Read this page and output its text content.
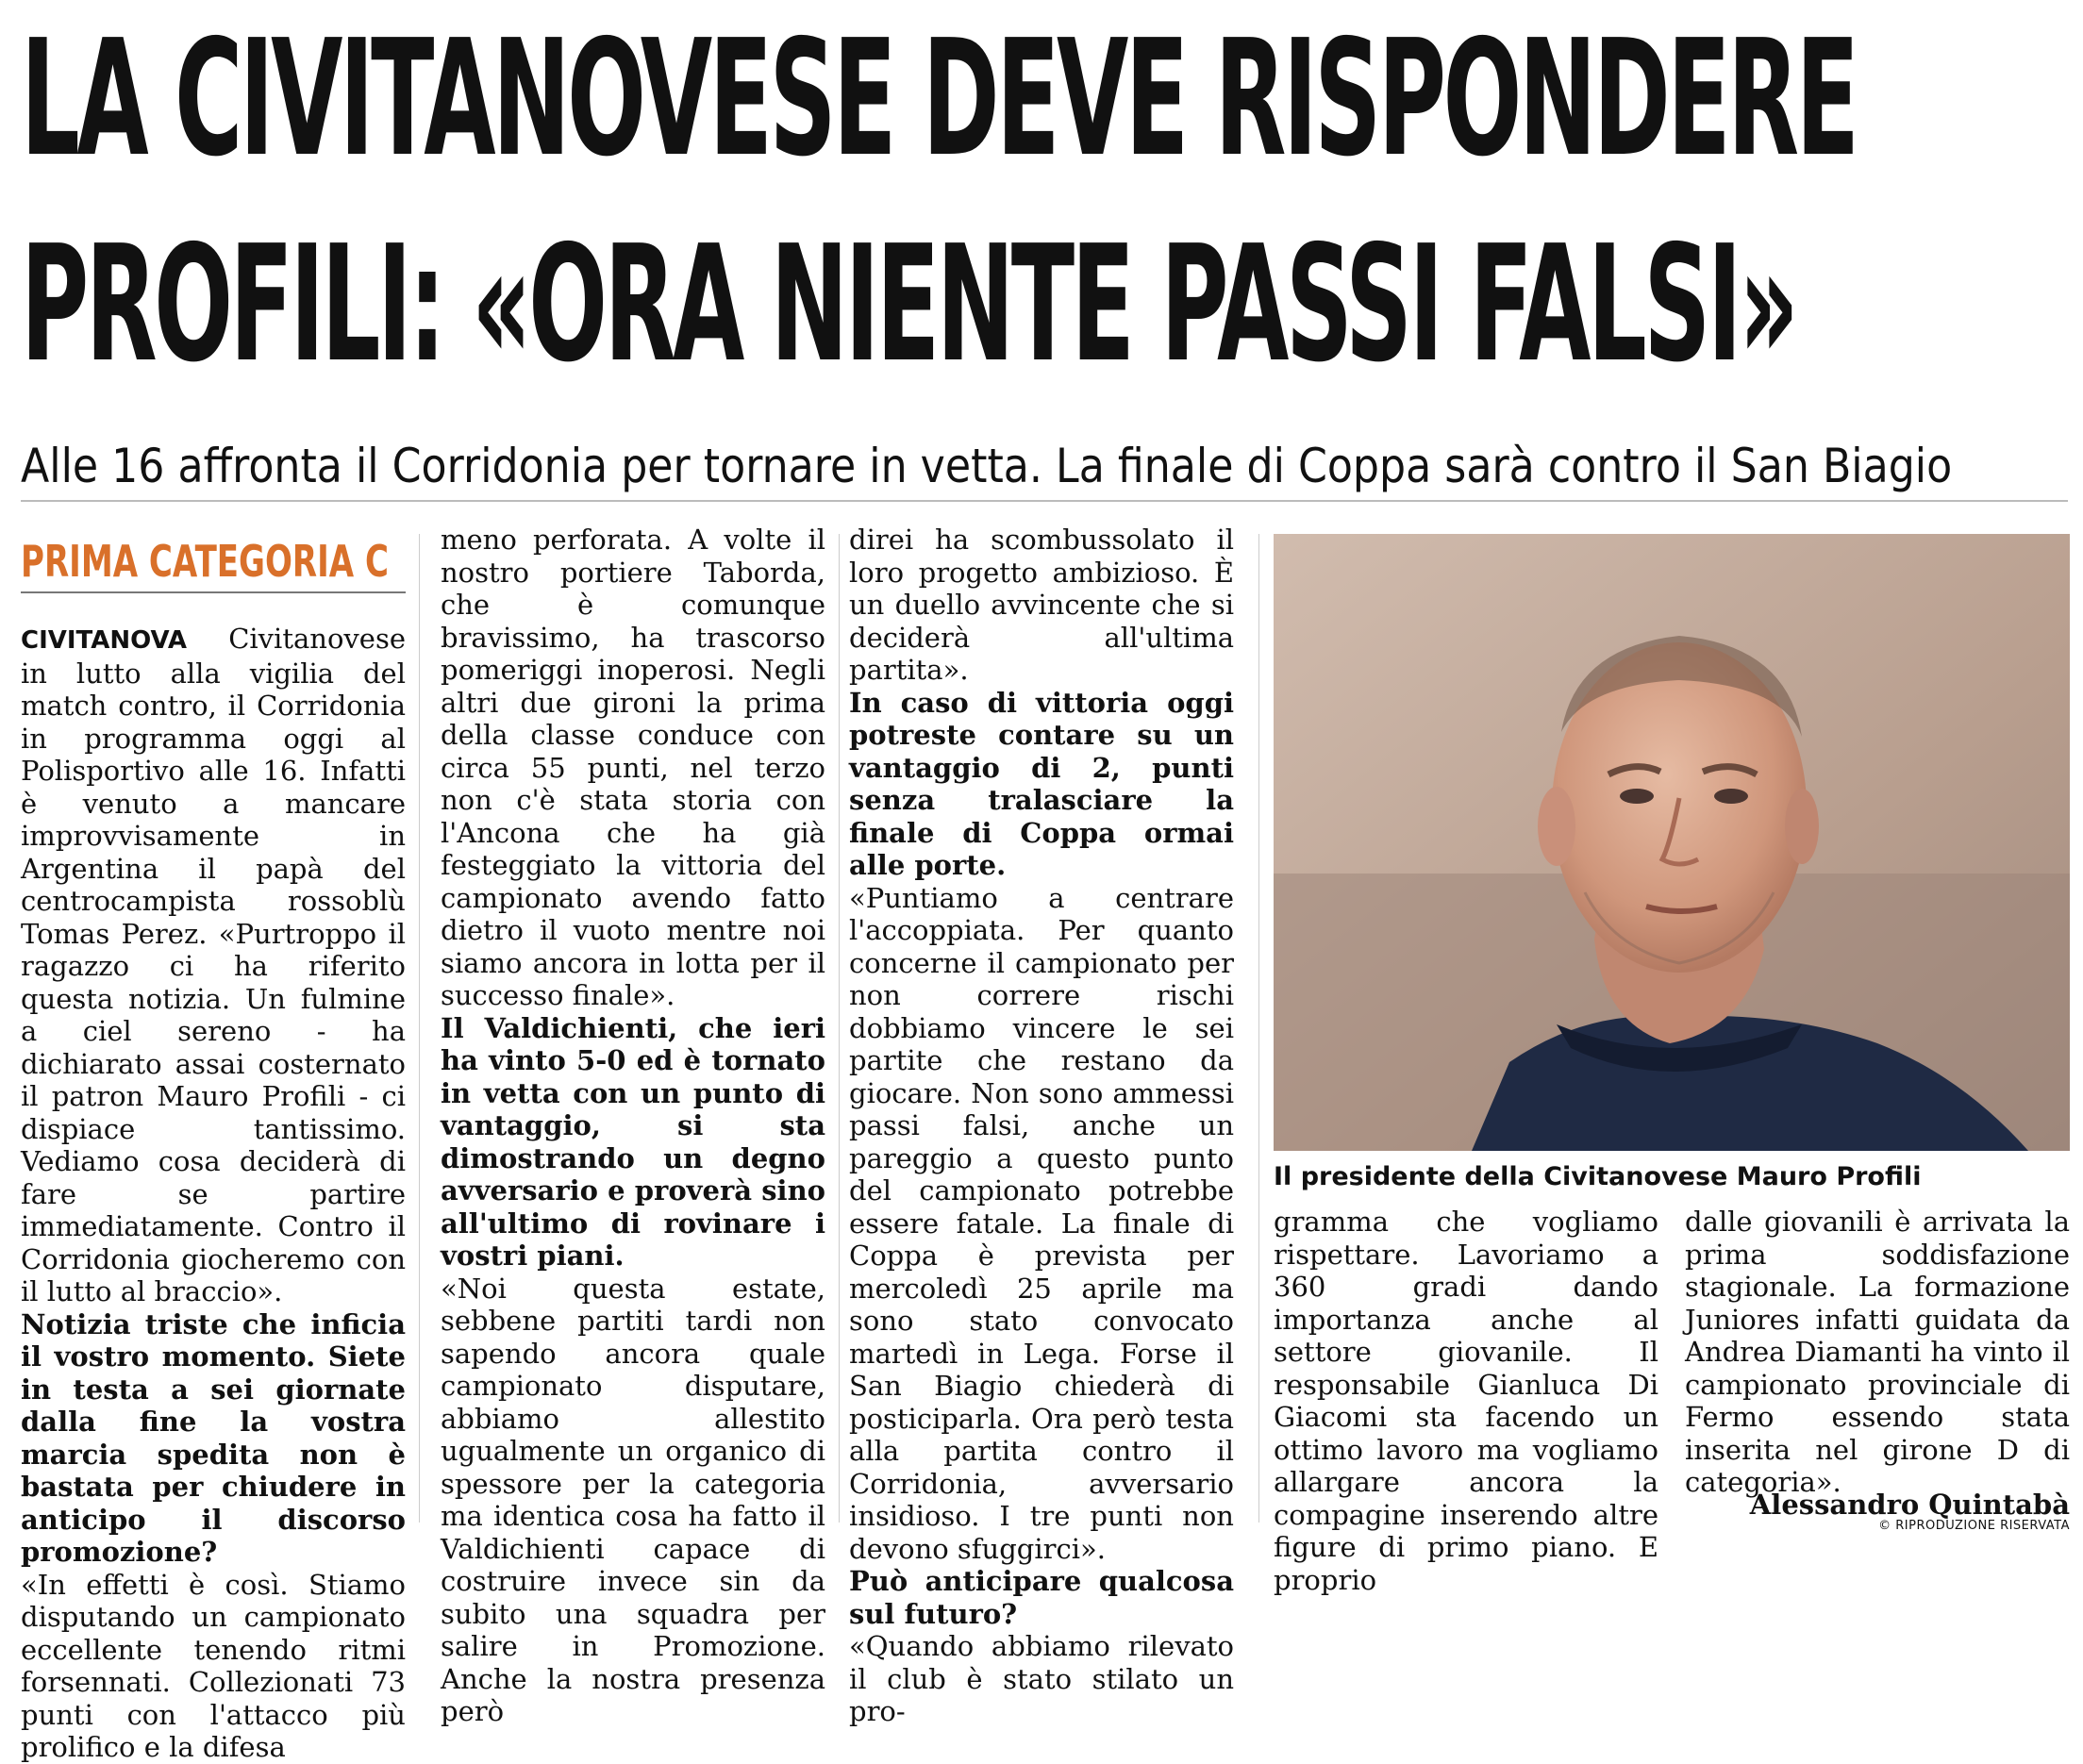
LA CIVITANOVESE DEVE RISPONDERE
PROFILI: «ORA NIENTE PASSI FALSI»
Alle 16 affronta il Corridonia per tornare in vetta. La finale di Coppa sarà contro il San Biagio
PRIMA CATEGORIA C

CIVITANOVA Civitanovese in lutto alla vigilia del match contro, il Corridonia in programma oggi al Polisportivo alle 16. Infatti è venuto a mancare improvvisamente in Argentina il papà del centrocampista rossoblù Tomas Perez. «Purtroppo il ragazzo ci ha riferito questa notizia. Un fulmine a ciel sereno - ha dichiarato assai costernato il patron Mauro Profili - ci dispiace tantissimo. Vediamo cosa deciderà di fare se partire immediatamente. Contro il Corridonia giocheremo con il lutto al braccio».

Notizia triste che inficia il vostro momento. Siete in testa a sei giornate dalla fine la vostra marcia spedita non è bastata per chiudere in anticipo il discorso promozione?

«In effetti è così. Stiamo disputando un campionato eccellente tenendo ritmi forsennati. Collezionati 73 punti con l'attacco più prolifico e la difesa

meno perforata. A volte il nostro portiere Taborda, che è comunque bravissimo, ha trascorso pomeriggi inoperosi. Negli altri due gironi la prima della classe conduce con circa 55 punti, nel terzo non c'è stata storia con l'Ancona che ha già festeggiato la vittoria del campionato avendo fatto dietro il vuoto mentre noi siamo ancora in lotta per il successo finale».

Il Valdichienti, che ieri ha vinto 5-0 ed è tornato in vetta con un punto di vantaggio, si sta dimostrando un degno avversario e proverà sino all'ultimo di rovinare i vostri piani.

«Noi questa estate, sebbene partiti tardi non sapendo ancora quale campionato disputare, abbiamo allestito ugualmente un organico di spessore per la categoria ma identica cosa ha fatto il Valdichienti capace di costruire invece sin da subito una squadra per salire in Promozione. Anche la nostra presenza però

direi ha scombussolato il loro progetto ambizioso. È un duello avvincente che si deciderà all'ultima partita».

In caso di vittoria oggi potreste contare su un vantaggio di 2, punti senza tralasciare la finale di Coppa ormai alle porte.

«Puntiamo a centrare l'accoppiata. Per quanto concerne il campionato per non correre rischi dobbiamo vincere le sei partite che restano da giocare. Non sono ammessi passi falsi, anche un pareggio a questo punto del campionato potrebbe essere fatale. La finale di Coppa è prevista per mercoledì 25 aprile ma sono stato convocato martedì in Lega. Forse il San Biagio chiederà di posticiparla. Ora però testa alla partita contro il Corridonia, avversario insidioso. I tre punti non devono sfuggirci».

Può anticipare qualcosa sul futuro?

«Quando abbiamo rilevato il club è stato stilato un pro-

Il presidente della Civitanovese Mauro Profili

gramma che vogliamo rispettare. Lavoriamo a 360 gradi dando importanza anche al settore giovanile. Il responsabile Gianluca Di Giacomi sta facendo un ottimo lavoro ma vogliamo allargare ancora la compagine inserendo altre figure di primo piano. E proprio

dalle giovanili è arrivata la prima soddisfazione stagionale. La formazione Juniores infatti guidata da Andrea Diamanti ha vinto il campionato provinciale di Fermo essendo stata inserita nel girone D di categoria».

Alessandro Quintabà
© RIPRODUZIONE RISERVATA
